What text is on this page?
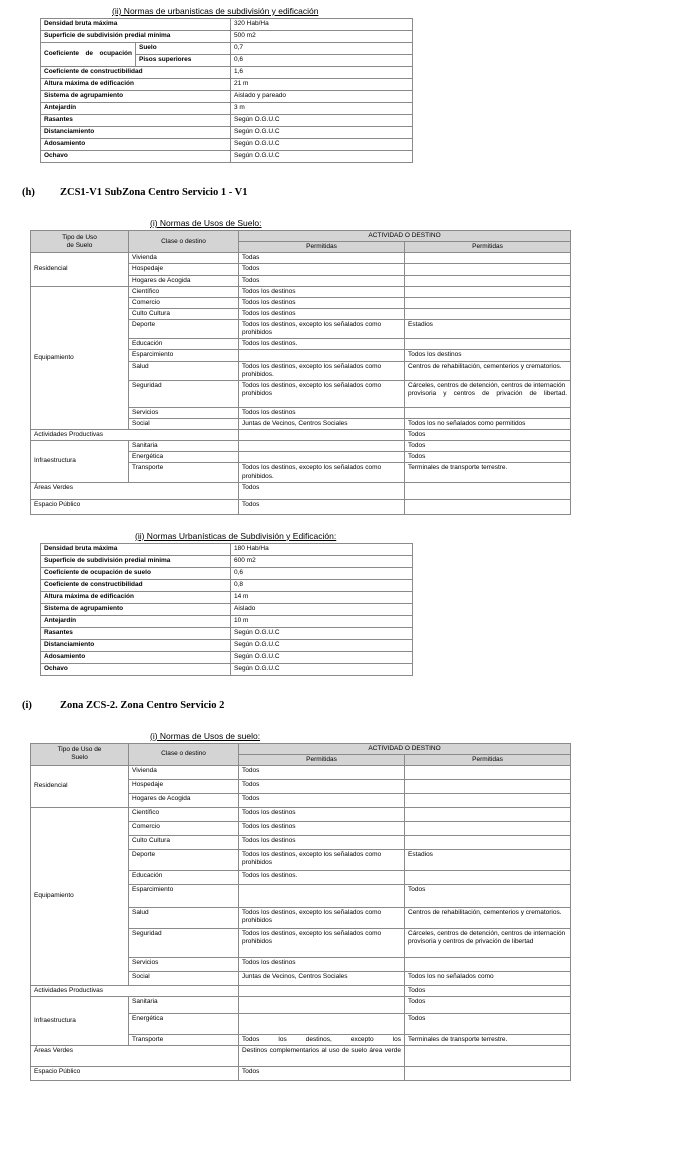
(ii) Normas de urbanisticas de subdivisión y edificación
Densidad bruta máxima		320 Hab/Ha
Superficie de subdivisión predial mínima		500 m2
Coeficiente de ocupación	Suelo	0,7
	Pisos superiores	0,6
Coeficiente de constructibilidad		1,6
Altura máxima de edificación		21 m
Sistema de agrupamiento		Aislado y pareado
Antejardín		3 m
Rasantes		Según O.G.U.C
Distanciamiento		Según O.G.U.C
Adosamiento		Según O.G.U.C
Ochavo		Según O.G.U.C
(h) ZCS1-V1 SubZona Centro Servicio 1 - V1
(i) Normas de Usos de Suelo:
Tipo de Uso
de Suelo	Clase o destino	ACTIVIDAD O DESTINO	
		Permitidas	Permitidas
Residencial	Vivienda	Todas	
	Hospedaje	Todos	
	Hogares de Acogida	Todos	
Equipamiento	Científico	Todos los destinos	
	Comercio	Todos los destinos	
	Culto Cultura	Todos los destinos	
	Deporte	Todos los destinos, excepto los señalados como prohibidos	Estadios
	Educación	Todos los destinos.	
	Esparcimiento		Todos los destinos
	Salud	Todos los destinos, excepto los señalados como prohibidos.	Centros de rehabilitación, cementerios y crematorios.
	Seguridad	Todos los destinos, excepto los señalados como prohibidos	Cárceles, centros de detención, centros de internación provisoria y centros de privación de libertad.
	Servicios	Todos los destinos	
	Social	Juntas de Vecinos, Centros Sociales	Todos los no señalados como permitidos
Actividades Productivas			Todos
Infraestructura	Sanitaria		Todos
	Energética		Todos
	Transporte	Todos los destinos, excepto los señalados como prohibidos.	Terminales de transporte terrestre.
Áreas Verdes		Todos	
Espacio Público		Todos	
(ii) Normas Urbanísticas de Subdivisión y Edificación:
Densidad bruta máxima	180 Hab/Ha
Superficie de subdivisión predial mínima	600 m2
Coeficiente de ocupación de suelo	0,6
Coeficiente de constructibilidad	0,8
Altura máxima de edificación	14 m
Sistema de agrupamiento	Aislado
Antejardín	10 m
Rasantes	Según O.G.U.C
Distanciamiento	Según O.G.U.C
Adosamiento	Según O.G.U.C
Ochavo	Según O.G.U.C
(i)	Zona ZCS-2. Zona Centro Servicio 2
(i) Normas de Usos de suelo:
Tipo de Uso de
Suelo	Clase o destino	ACTIVIDAD O DESTINO	
		Permitidas	Permitidas
Residencial	Vivienda	Todos	
	Hospedaje	Todos	
	Hogares de Acogida	Todos	
Equipamiento	Científico	Todos los destinos	
	Comercio	Todos los destinos	
	Culto Cultura	Todos los destinos	
	Deporte	Todos los destinos, excepto los señalados como prohibidos	Estadios
	Educación	Todos los destinos.	
	Esparcimiento		Todos
	Salud	Todos los destinos, excepto los señalados como prohibidos	Centros de rehabilitación, cementerios y crematorios.
	Seguridad	Todos los destinos, excepto los señalados como prohibidos	Cárceles, centros de detención, centros de internación provisoria y centros de privación de libertad
	Servicios	Todos los destinos	
	Social	Juntas de Vecinos, Centros Sociales	Todos los no señalados como
Actividades Productivas			Todos
Infraestructura	Sanitaria		Todos
	Energética		Todos
	Transporte	Todos los destinos, excepto los	Terminales de transporte terrestre.
Áreas Verdes		Destinos complementarios al uso de suelo área verde	
Espacio Público		Todos	
